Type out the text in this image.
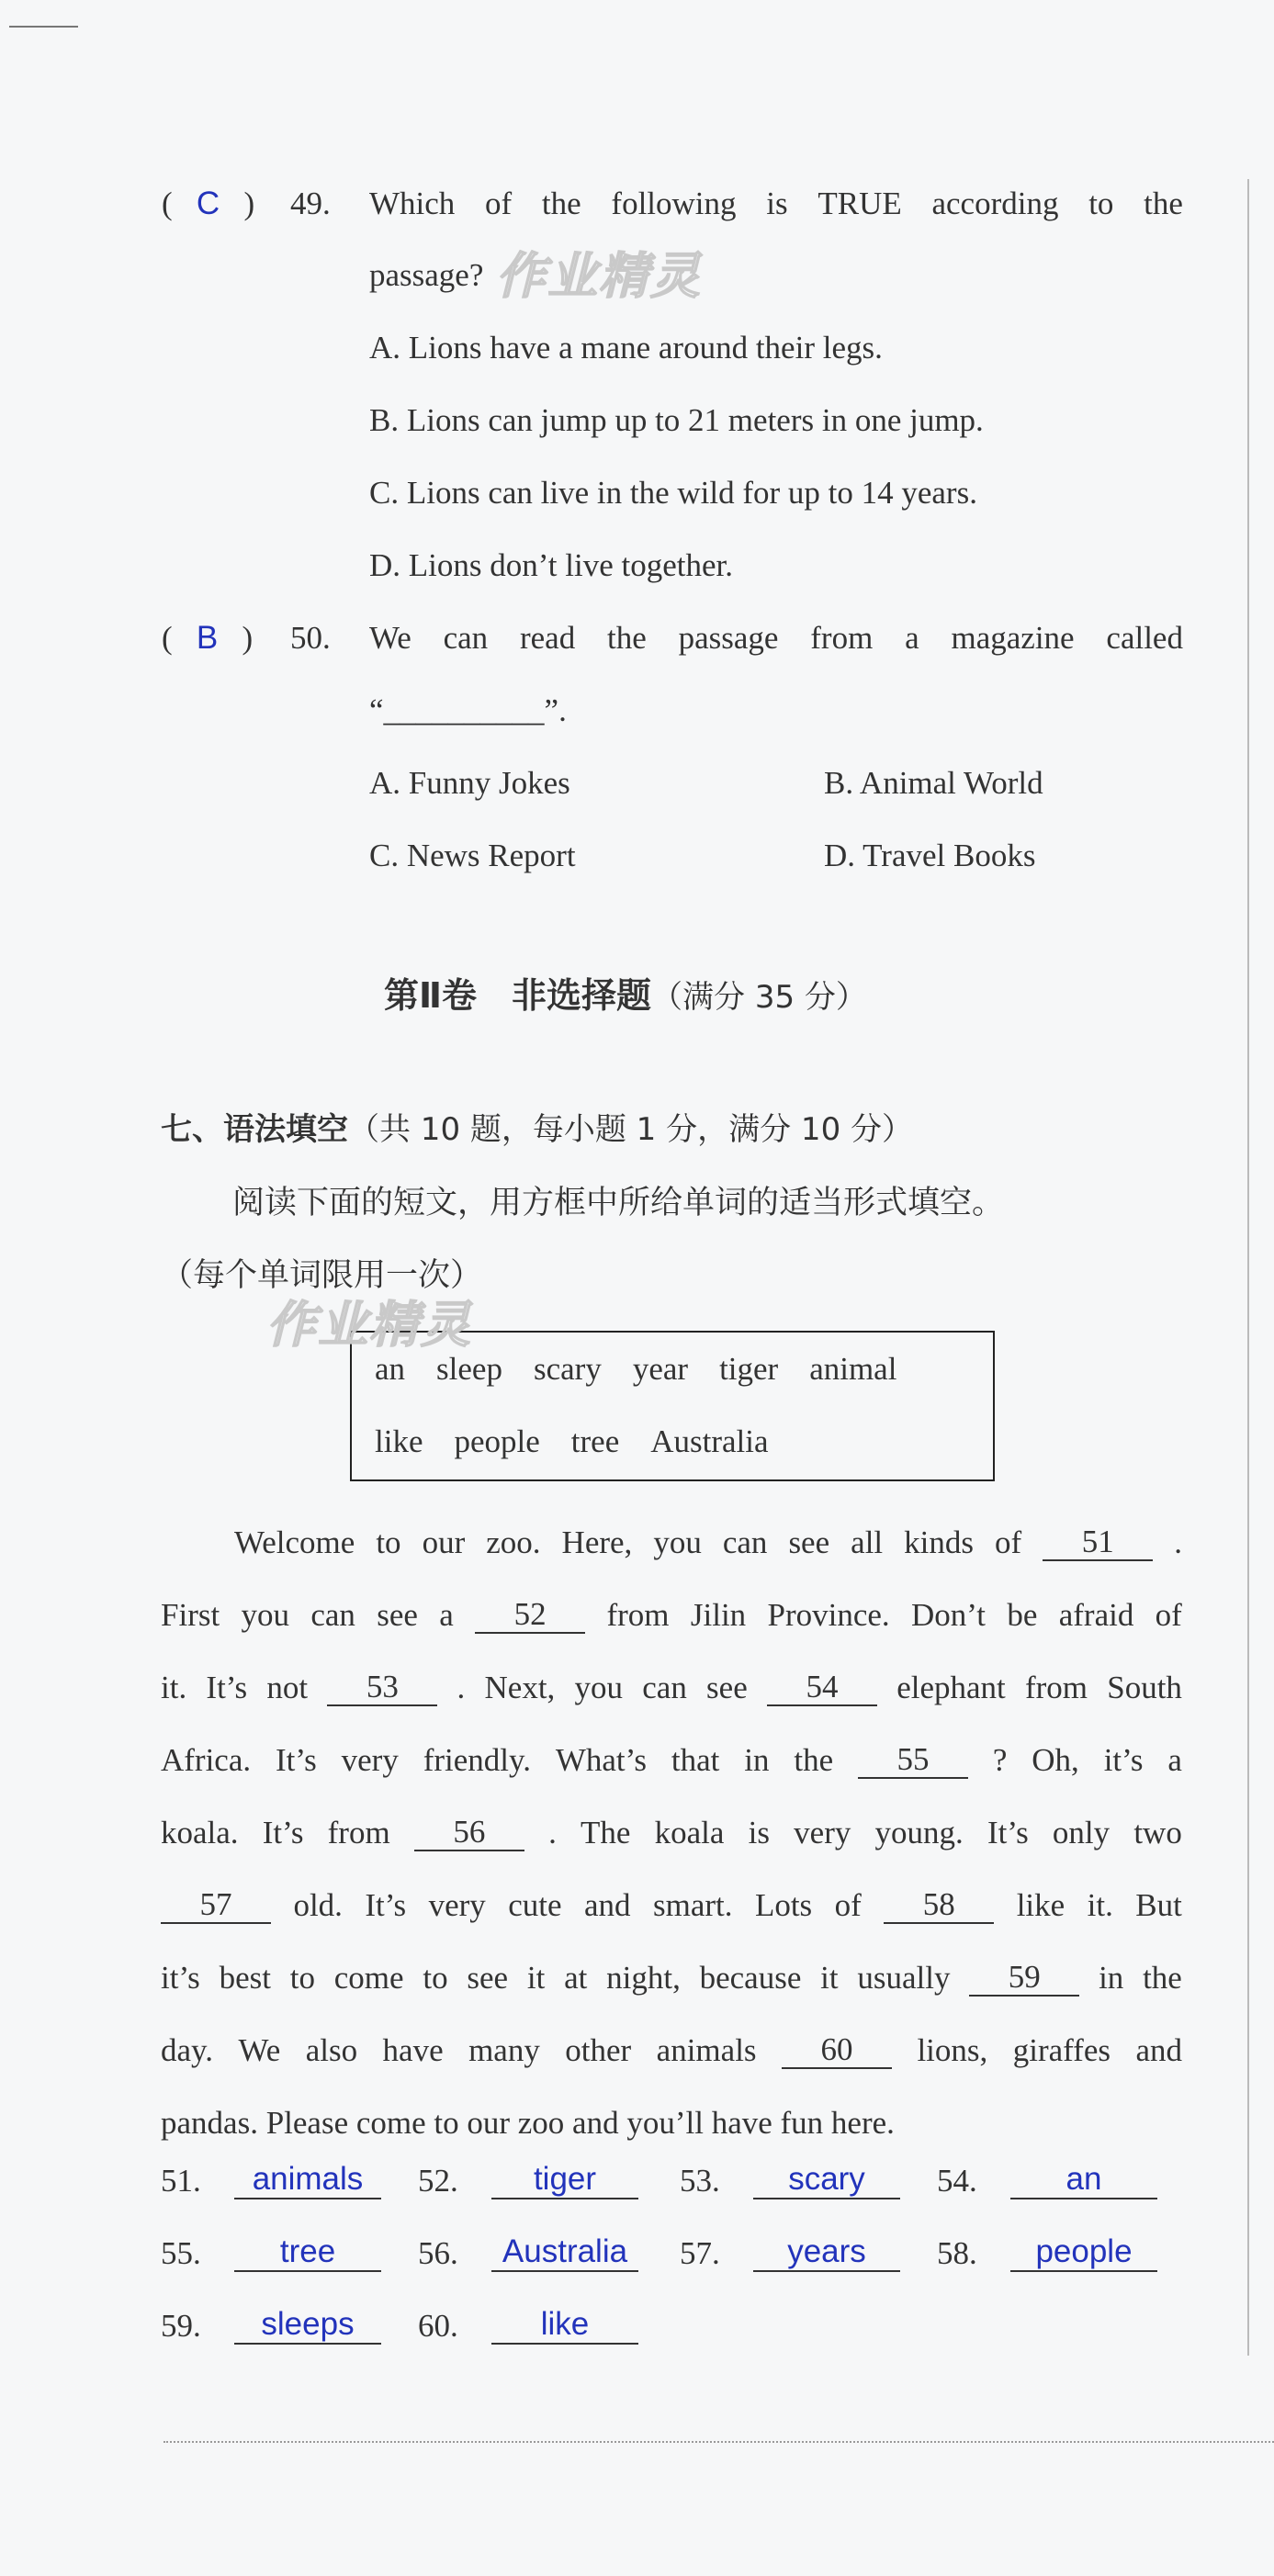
( C ) 49. Which of the following is TRUE according to the
passage?
A. Lions have a mane around their legs.
B. Lions can jump up to 21 meters in one jump.
C. Lions can live in the wild for up to 14 years.
D. Lions don’t live together.
( B ) 50. We can read the passage from a magazine called
“__________”.
A. Funny Jokes	B. Animal World
C. News Report	D. Travel Books
第Ⅱ卷　非选择题（满分 35 分）
七、语法填空（共 10 题，每小题 1 分，满分 10 分）
阅读下面的短文，用方框中所给单词的适当形式填空。
（每个单词限用一次）
an sleep scary year tiger animal
like people tree Australia
Welcome to our zoo. Here, you can see all kinds of	51	.
First you can see a	52	from Jilin Province. Don’t be afraid of
it. It’s not	53	. Next, you can see	54	elephant from South
Africa. It’s very friendly. What’s that in the	55	? Oh, it’s a
koala. It’s from	56	. The koala is very young. It’s only two
57	old. It’s very cute and smart. Lots of	58	like it. But
it’s best to come to see it at night, because it usually	59	in the
day. We also have many other animals	60	lions, giraffes and
pandas. Please come to our zoo and you’ll have fun here.
51.	animals	52.	tiger	53.	scary	54.	an
55.	tree	56.	Australia	57.	years	58.	people
59.	sleeps	60.	like
作业精灵
作业精灵
